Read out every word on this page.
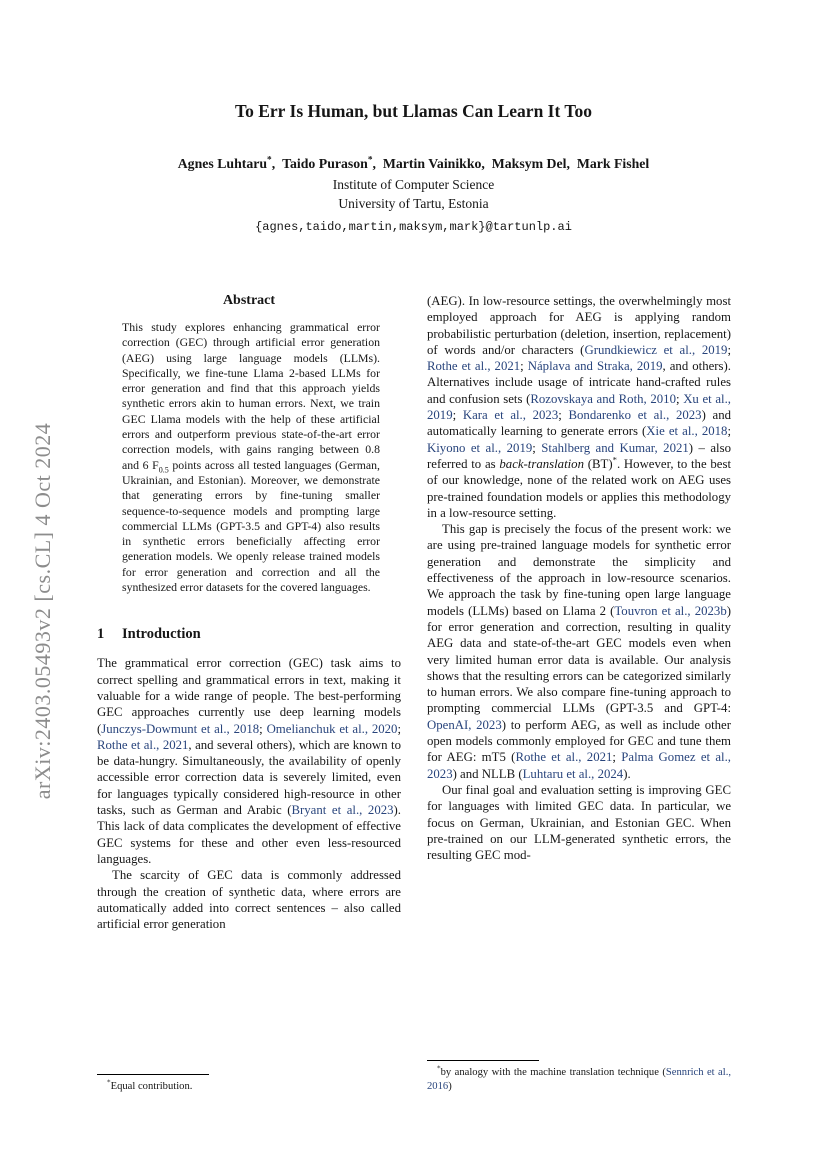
arXiv:2403.05493v2 [cs.CL] 4 Oct 2024
To Err Is Human, but Llamas Can Learn It Too
Agnes Luhtaru*, Taido Purason*, Martin Vainikko, Maksym Del, Mark Fishel
Institute of Computer Science
University of Tartu, Estonia
{agnes,taido,martin,maksym,mark}@tartunlp.ai
Abstract

This study explores enhancing grammatical error correction (GEC) through artificial error generation (AEG) using large language models (LLMs). Specifically, we fine-tune Llama 2-based LLMs for error generation and find that this approach yields synthetic errors akin to human errors. Next, we train GEC Llama models with the help of these artificial errors and outperform previous state-of-the-art error correction models, with gains ranging between 0.8 and 6 $F_{0.5}$ points across all tested languages (German, Ukrainian, and Estonian). Moreover, we demonstrate that generating errors by fine-tuning smaller sequence-to-sequence models and prompting large commercial LLMs (GPT-3.5 and GPT-4) also results in synthetic errors beneficially affecting error generation models. We openly release trained models for error generation and correction and all the synthesized error datasets for the covered languages.

1 Introduction

The grammatical error correction (GEC) task aims to correct spelling and grammatical errors in text, making it valuable for a wide range of people. The best-performing GEC approaches currently use deep learning models (Junczys-Dowmunt et al., 2018; Omelianchuk et al., 2020; Rothe et al., 2021, and several others), which are known to be data-hungry. Simultaneously, the availability of openly accessible error correction data is severely limited, even for languages typically considered high-resource in other tasks, such as German and Arabic (Bryant et al., 2023). This lack of data complicates the development of effective GEC systems for these and other even less-resourced languages.

The scarcity of GEC data is commonly addressed through the creation of synthetic data, where errors are automatically added into correct sentences – also called artificial error generation

*Equal contribution.

(AEG). In low-resource settings, the overwhelmingly most employed approach for AEG is applying random probabilistic perturbation (deletion, insertion, replacement) of words and/or characters (Grundkiewicz et al., 2019; Rothe et al., 2021; Náplava and Straka, 2019, and others). Alternatives include usage of intricate hand-crafted rules and confusion sets (Rozovskaya and Roth, 2010; Xu et al., 2019; Kara et al., 2023; Bondarenko et al., 2023) and automatically learning to generate errors (Xie et al., 2018; Kiyono et al., 2019; Stahlberg and Kumar, 2021) – also referred to as back-translation (BT)*. However, to the best of our knowledge, none of the related work on AEG uses pre-trained foundation models or applies this methodology in a low-resource setting.

This gap is precisely the focus of the present work: we are using pre-trained language models for synthetic error generation and demonstrate the simplicity and effectiveness of the approach in low-resource scenarios. We approach the task by fine-tuning open large language models (LLMs) based on Llama 2 (Touvron et al., 2023b) for error generation and correction, resulting in quality AEG data and state-of-the-art GEC models even when very limited human error data is available. Our analysis shows that the resulting errors can be categorized similarly to human errors. We also compare fine-tuning approach to prompting commercial LLMs (GPT-3.5 and GPT-4: OpenAI, 2023) to perform AEG, as well as include other open models commonly employed for GEC and tune them for AEG: mT5 (Rothe et al., 2021; Palma Gomez et al., 2023) and NLLB (Luhtaru et al., 2024).

Our final goal and evaluation setting is improving GEC for languages with limited GEC data. In particular, we focus on German, Ukrainian, and Estonian GEC. When pre-trained on our LLM-generated synthetic errors, the resulting GEC mod-

*by analogy with the machine translation technique (Sennrich et al., 2016)
